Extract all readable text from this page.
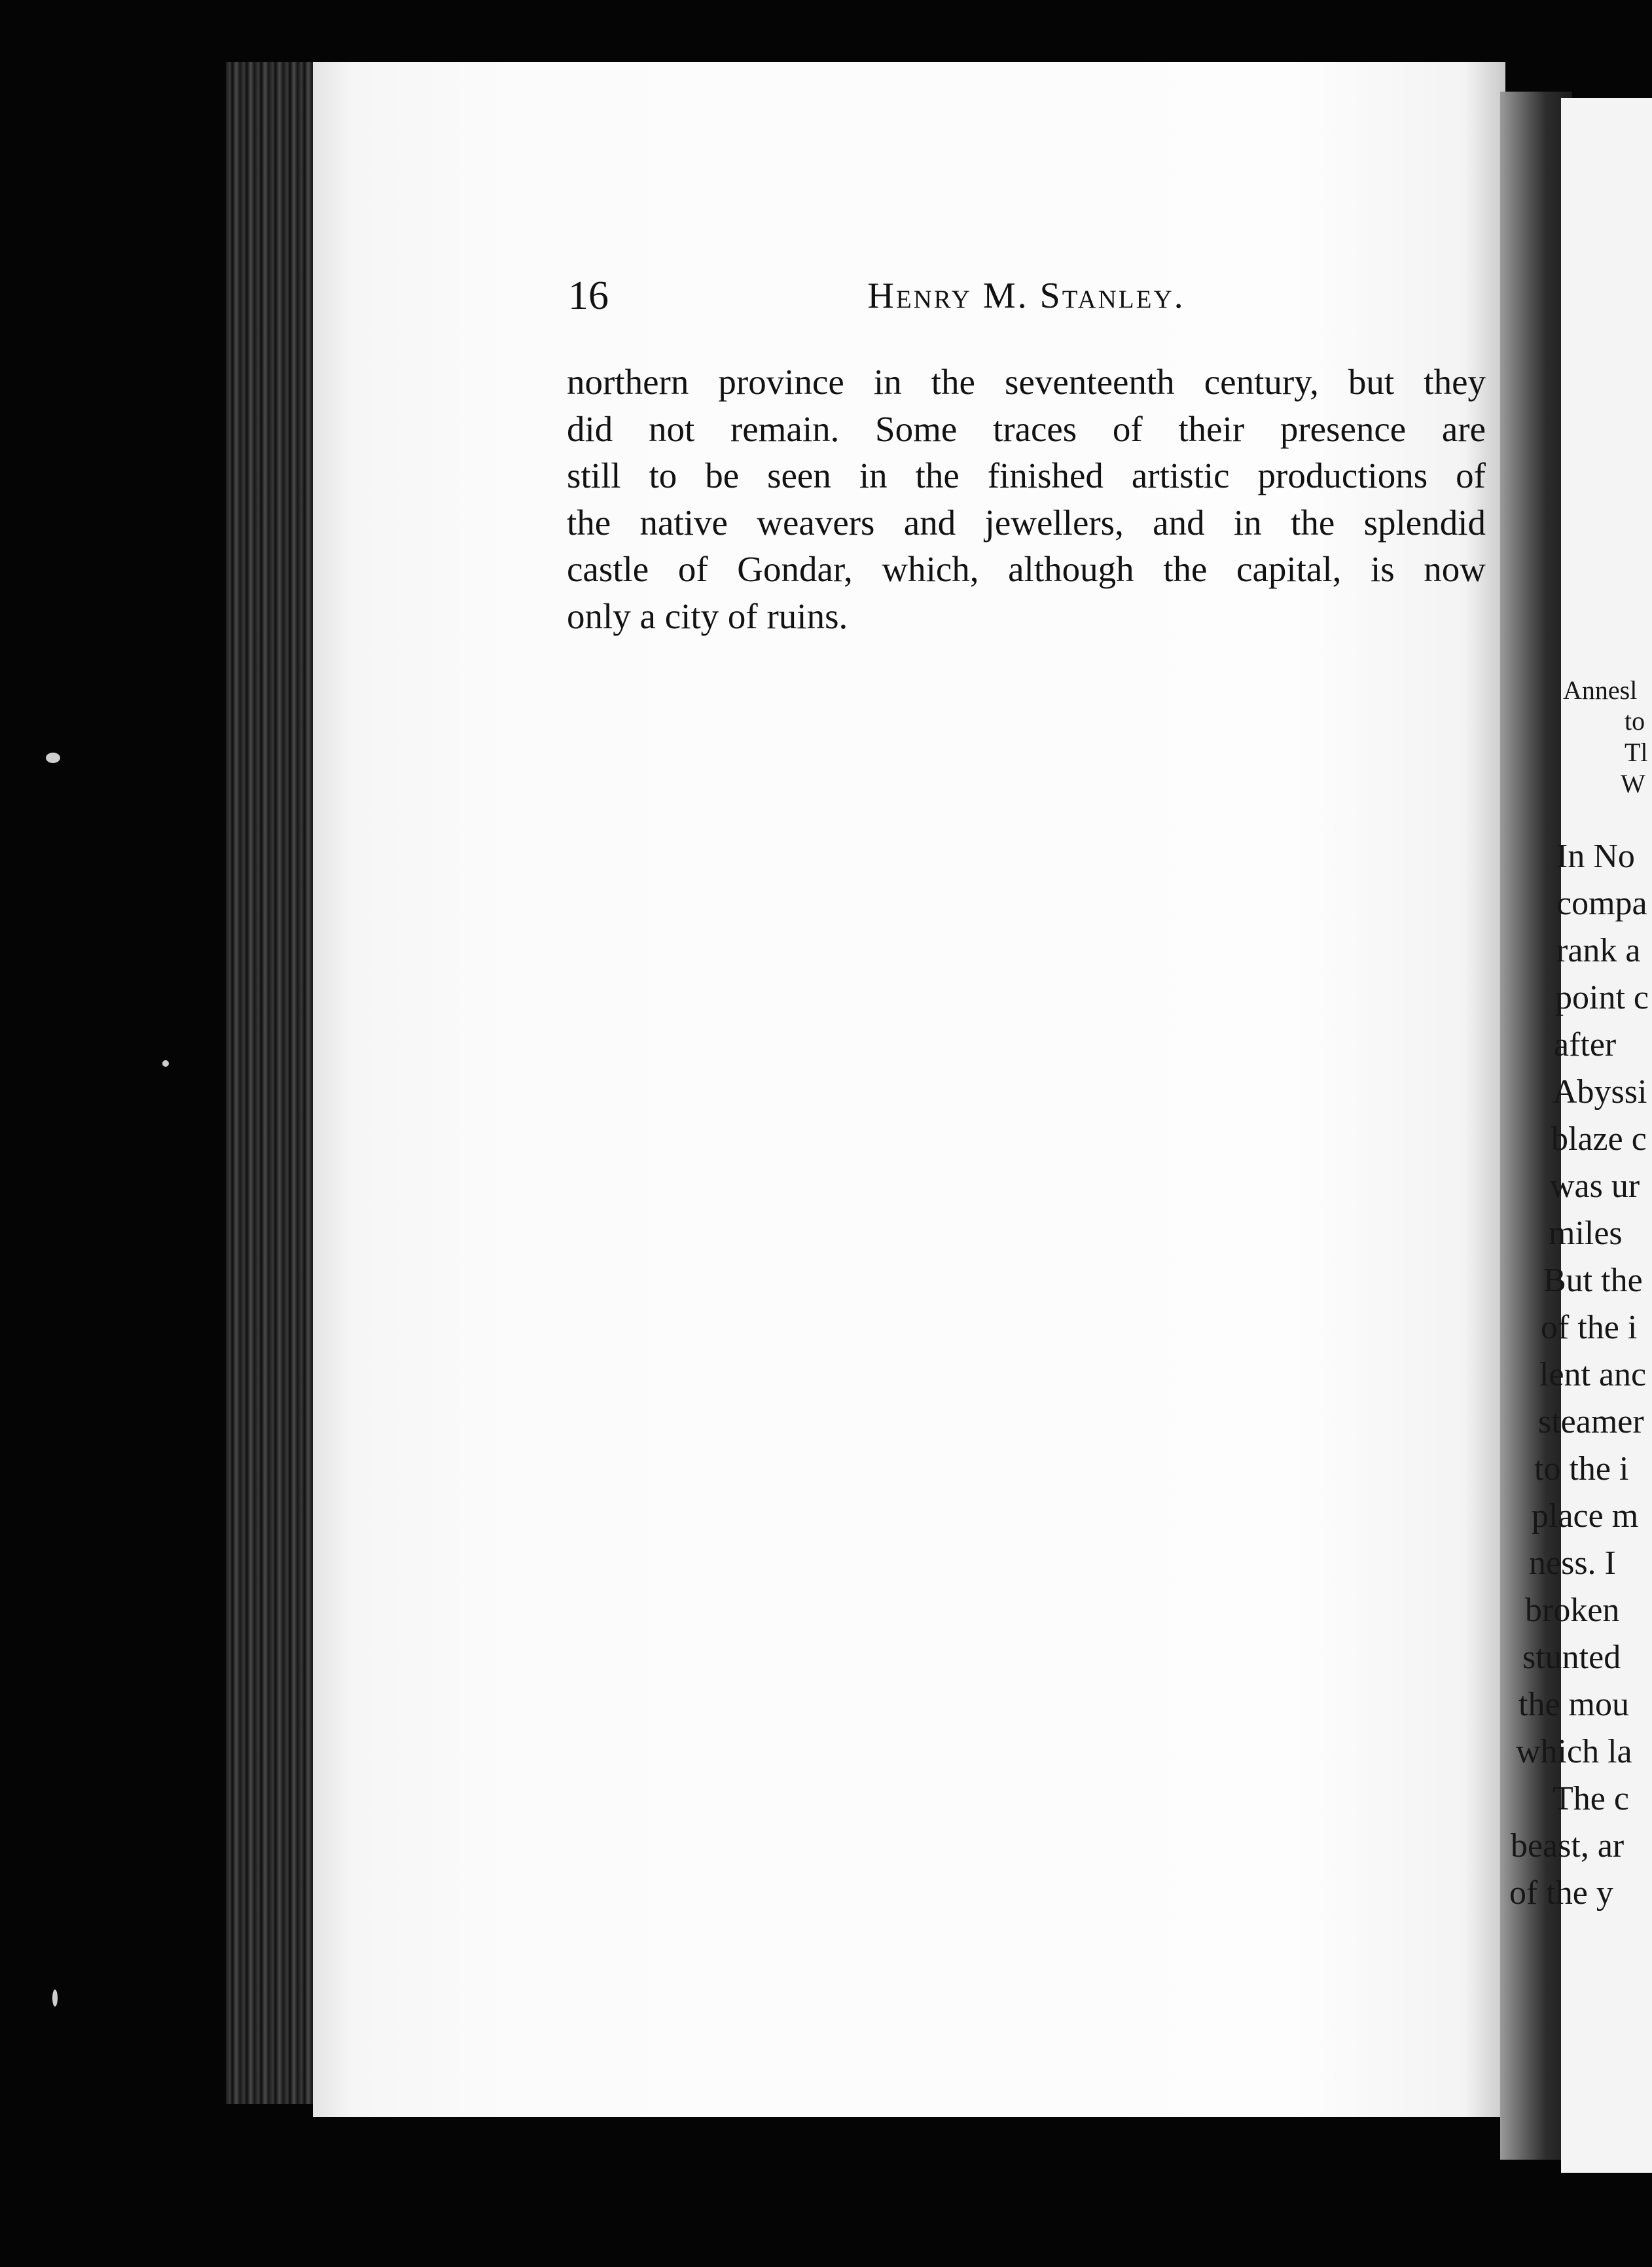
16	Henry M. Stanley.
northern province in the seventeenth century, but they
did not remain. Some traces of their presence are
still to be seen in the finished artistic productions of
the native weavers and jewellers, and in the splendid
castle of Gondar, which, although the capital, is now
only a city of ruins.
Annesl
to
Tl
W
In No
compa
rank a
point c
after
Abyssi
blaze c
was ur
miles
But the
of the i
lent anc
steamer
to the i
place m
ness. I
broken
stunted
the mou
which la
The c
beast, ar
of the y
